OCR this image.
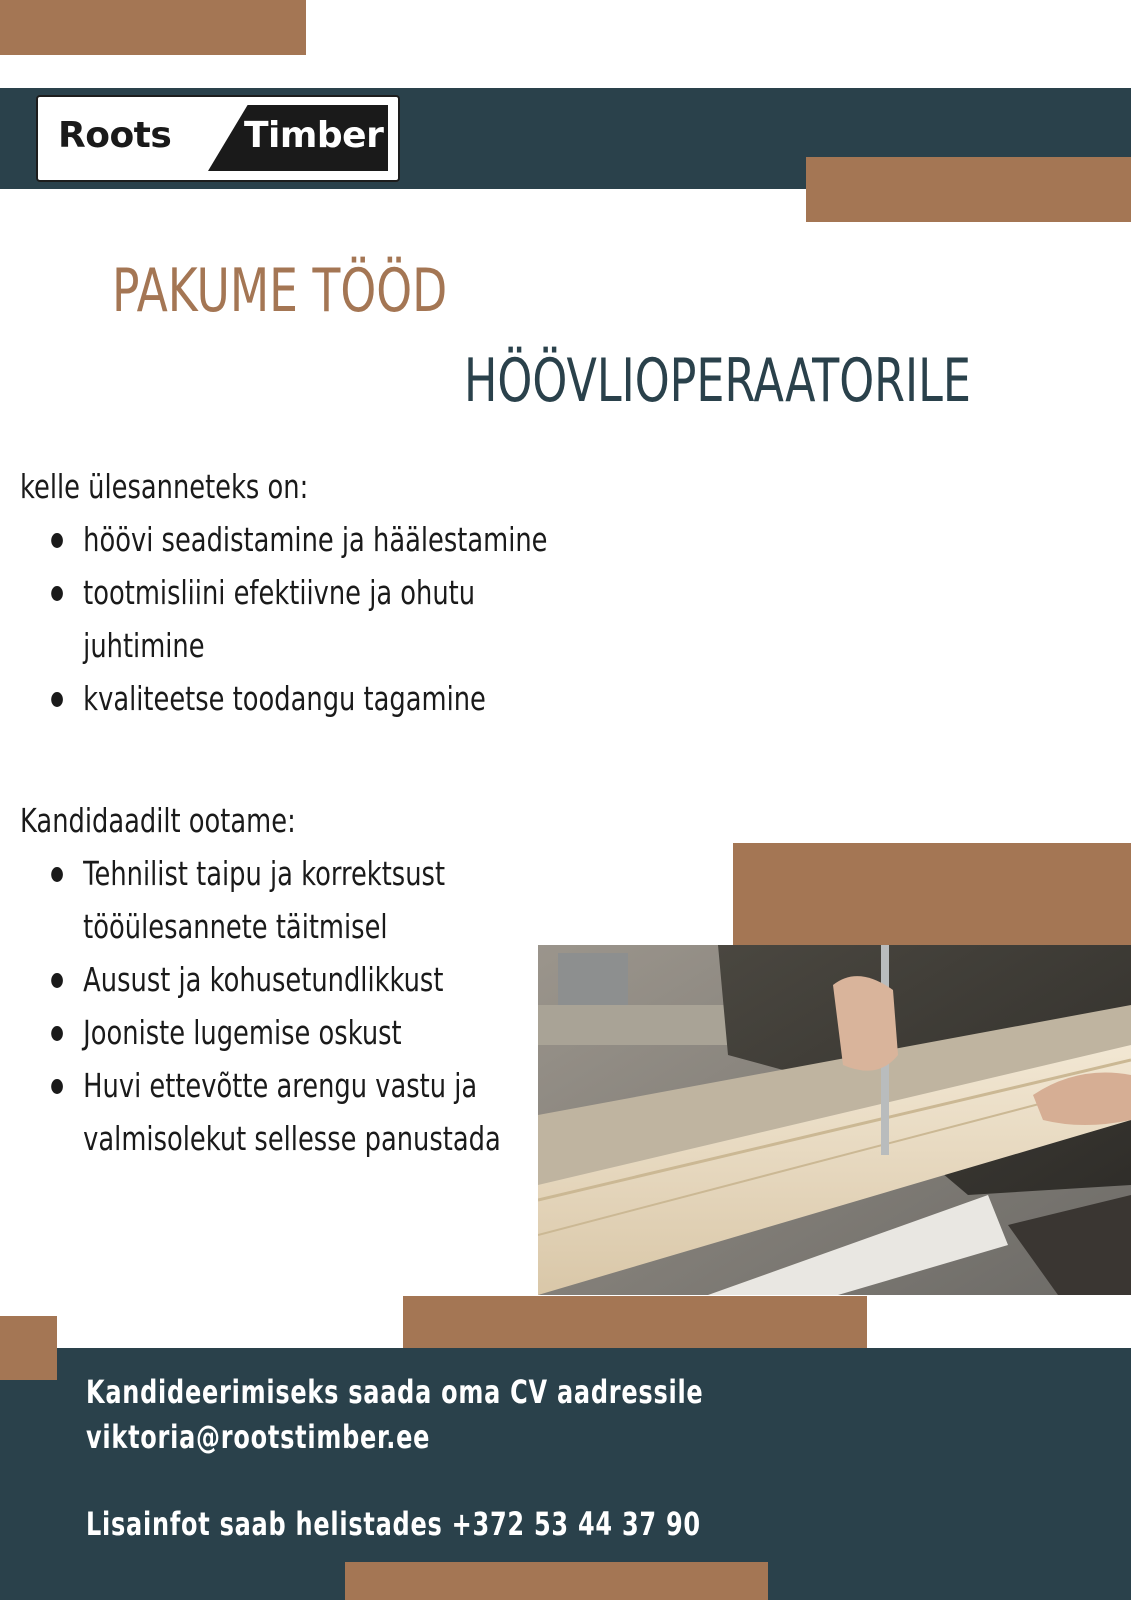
Roots Timber
PAKUME TÖÖD
HÖÖVLIOPERAATORILE
kelle ülesanneteks on:
höövi seadistamine ja häälestamine
tootmisliini efektiivne ja ohutu juhtimine
kvaliteetse toodangu tagamine
Kandidaadilt ootame:
Tehnilist taipu ja korrektsust tööülesannete täitmisel
Ausust ja kohusetundlikkust
Jooniste lugemise oskust
Huvi ettevõtte arengu vastu ja valmisolekut sellesse panustada
Kandideerimiseks saada oma CV aadressile
viktoria@rootstimber.ee
Lisainfot saab helistades +372 53 44 37 90
